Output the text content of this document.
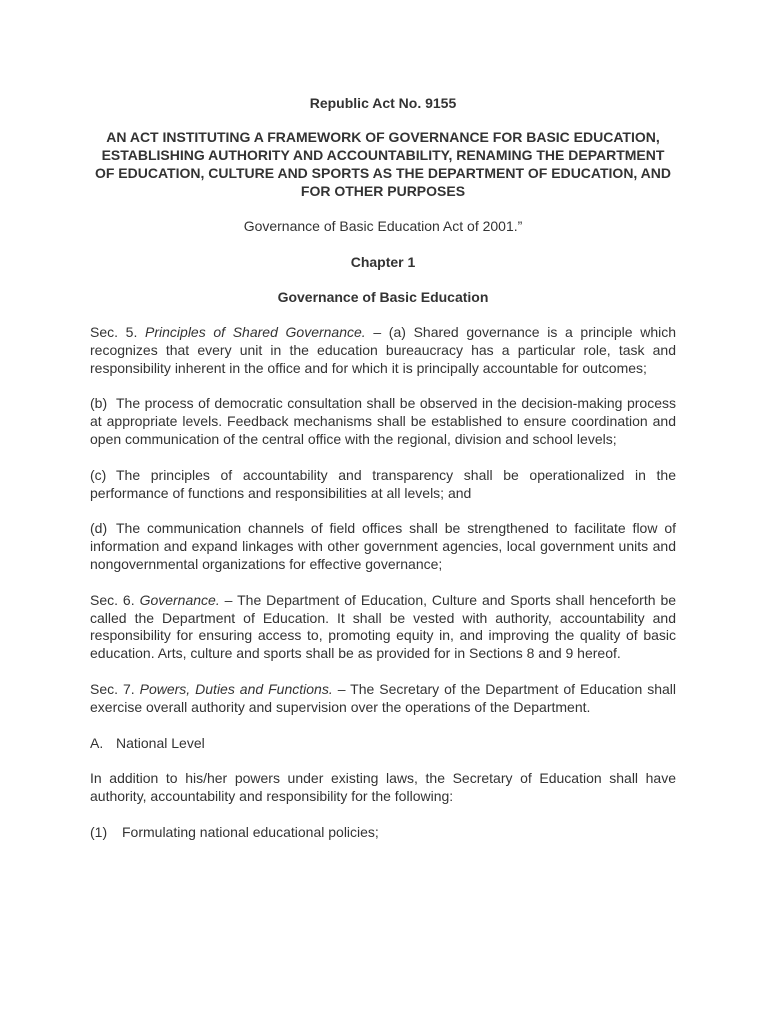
Republic Act No. 9155

AN ACT INSTITUTING A FRAMEWORK OF GOVERNANCE FOR BASIC EDUCATION, ESTABLISHING AUTHORITY AND ACCOUNTABILITY, RENAMING THE DEPARTMENT OF EDUCATION, CULTURE AND SPORTS AS THE DEPARTMENT OF EDUCATION, AND FOR OTHER PURPOSES

Governance of Basic Education Act of 2001.”

Chapter 1

Governance of Basic Education

Sec. 5. Principles of Shared Governance. – (a) Shared governance is a principle which recognizes that every unit in the education bureaucracy has a particular role, task and responsibility inherent in the office and for which it is principally accountable for outcomes;

(b) The process of democratic consultation shall be observed in the decision-making process at appropriate levels. Feedback mechanisms shall be established to ensure coordination and open communication of the central office with the regional, division and school levels;

(c) The principles of accountability and transparency shall be operationalized in the performance of functions and responsibilities at all levels; and

(d) The communication channels of field offices shall be strengthened to facilitate flow of information and expand linkages with other government agencies, local government units and nongovernmental organizations for effective governance;

Sec. 6. Governance. – The Department of Education, Culture and Sports shall henceforth be called the Department of Education. It shall be vested with authority, accountability and responsibility for ensuring access to, promoting equity in, and improving the quality of basic education. Arts, culture and sports shall be as provided for in Sections 8 and 9 hereof.

Sec. 7. Powers, Duties and Functions. – The Secretary of the Department of Education shall exercise overall authority and supervision over the operations of the Department.

A. National Level

In addition to his/her powers under existing laws, the Secretary of Education shall have authority, accountability and responsibility for the following:

(1) Formulating national educational policies;
